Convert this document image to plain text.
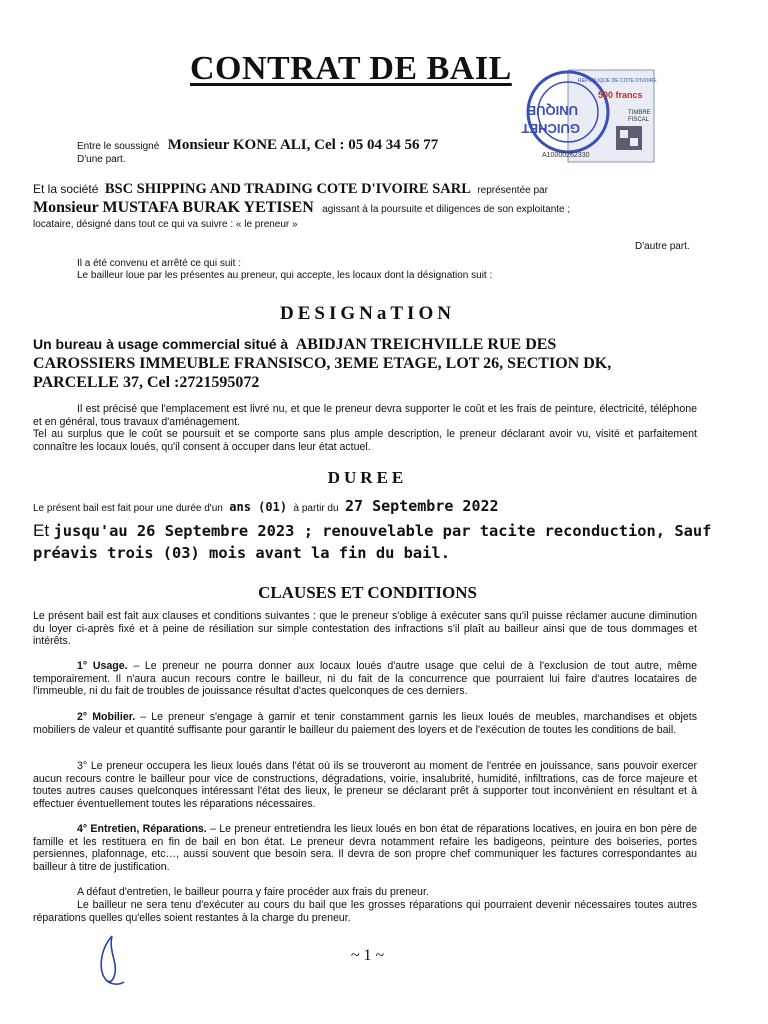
CONTRAT DE BAIL
UNIQUE
GUICHET
REPUBLIQUE DE COTE D'IVOIRE
500 francs
TIMBRE FISCAL
A10000262330
Entre le soussigné Monsieur KONE ALI, Cel : 05 04 34 56 77
D'une part.
Et la société BSC SHIPPING AND TRADING COTE D'IVOIRE SARL représentée par
Monsieur MUSTAFA BURAK YETISEN agissant à la poursuite et diligences de son exploitante ;
locataire, désigné dans tout ce qui va suivre : « le preneur »
D'autre part.
Il a été convenu et arrêté ce qui suit :
Le bailleur loue par les présentes au preneur, qui accepte, les locaux dont la désignation suit :
DESIGNaTION
Un bureau à usage commercial situé à ABIDJAN TREICHVILLE RUE DES
CAROSSIERS IMMEUBLE FRANSISCO, 3EME ETAGE, LOT 26, SECTION DK,
PARCELLE 37, Cel :2721595072
Il est précisé que l'emplacement est livré nu, et que le preneur devra supporter le coût et les frais de peinture, électricité, téléphone et en général, tous travaux d'aménagement.
Tel au surplus que le coût se poursuit et se comporte sans plus ample description, le preneur déclarant avoir vu, visité et parfaitement connaître les locaux loués, qu'il consent à occuper dans leur état actuel.
DUREE
Le présent bail est fait pour une durée d'un ans (01) à partir du 27 Septembre 2022
Et jusqu'au 26 Septembre 2023 ; renouvelable par tacite reconduction, Sauf
préavis trois (03) mois avant la fin du bail.
CLAUSES ET CONDITIONS
Le présent bail est fait aux clauses et conditions suivantes : que le preneur s'oblige à exécuter sans qu'il puisse réclamer aucune diminution du loyer ci-après fixé et à peine de résiliation sur simple contestation des infractions s'il plaît au bailleur ainsi que de tous dommages et intérêts.
1° Usage. – Le preneur ne pourra donner aux locaux loués d'autre usage que celui de à l'exclusion de tout autre, même temporairement. Il n'aura aucun recours contre le bailleur, ni du fait de la concurrence que pourraient lui faire d'autres locataires de l'immeuble, ni du fait de troubles de jouissance résultat d'actes quelconques de ces derniers.
2° Mobilier. – Le preneur s'engage à garnir et tenir constamment garnis les lieux loués de meubles, marchandises et objets mobiliers de valeur et quantité suffisante pour garantir le bailleur du paiement des loyers et de l'exécution de toutes les conditions de bail.
3° Le preneur occupera les lieux loués dans l'état où ils se trouveront au moment de l'entrée en jouissance, sans pouvoir exercer aucun recours contre le bailleur pour vice de constructions, dégradations, voirie, insalubrité, humidité, infiltrations, cas de force majeure et toutes autres causes quelconques intéressant l'état des lieux, le preneur se déclarant prêt à supporter tout inconvénient en résultant et à effectuer éventuellement toutes les réparations nécessaires.
4° Entretien, Réparations. – Le preneur entretiendra les lieux loués en bon état de réparations locatives, en jouira en bon père de famille et les restituera en fin de bail en bon état. Le preneur devra notamment refaire les badigeons, peinture des boiseries, portes persiennes, plafonnage, etc…, aussi souvent que besoin sera. Il devra de son propre chef communiquer les factures correspondantes au bailleur à titre de justification.
A défaut d'entretien, le bailleur pourra y faire procéder aux frais du preneur.
Le bailleur ne sera tenu d'exécuter au cours du bail que les grosses réparations qui pourraient devenir nécessaires toutes autres réparations quelles qu'elles soient restantes à la charge du preneur.
~ 1 ~
